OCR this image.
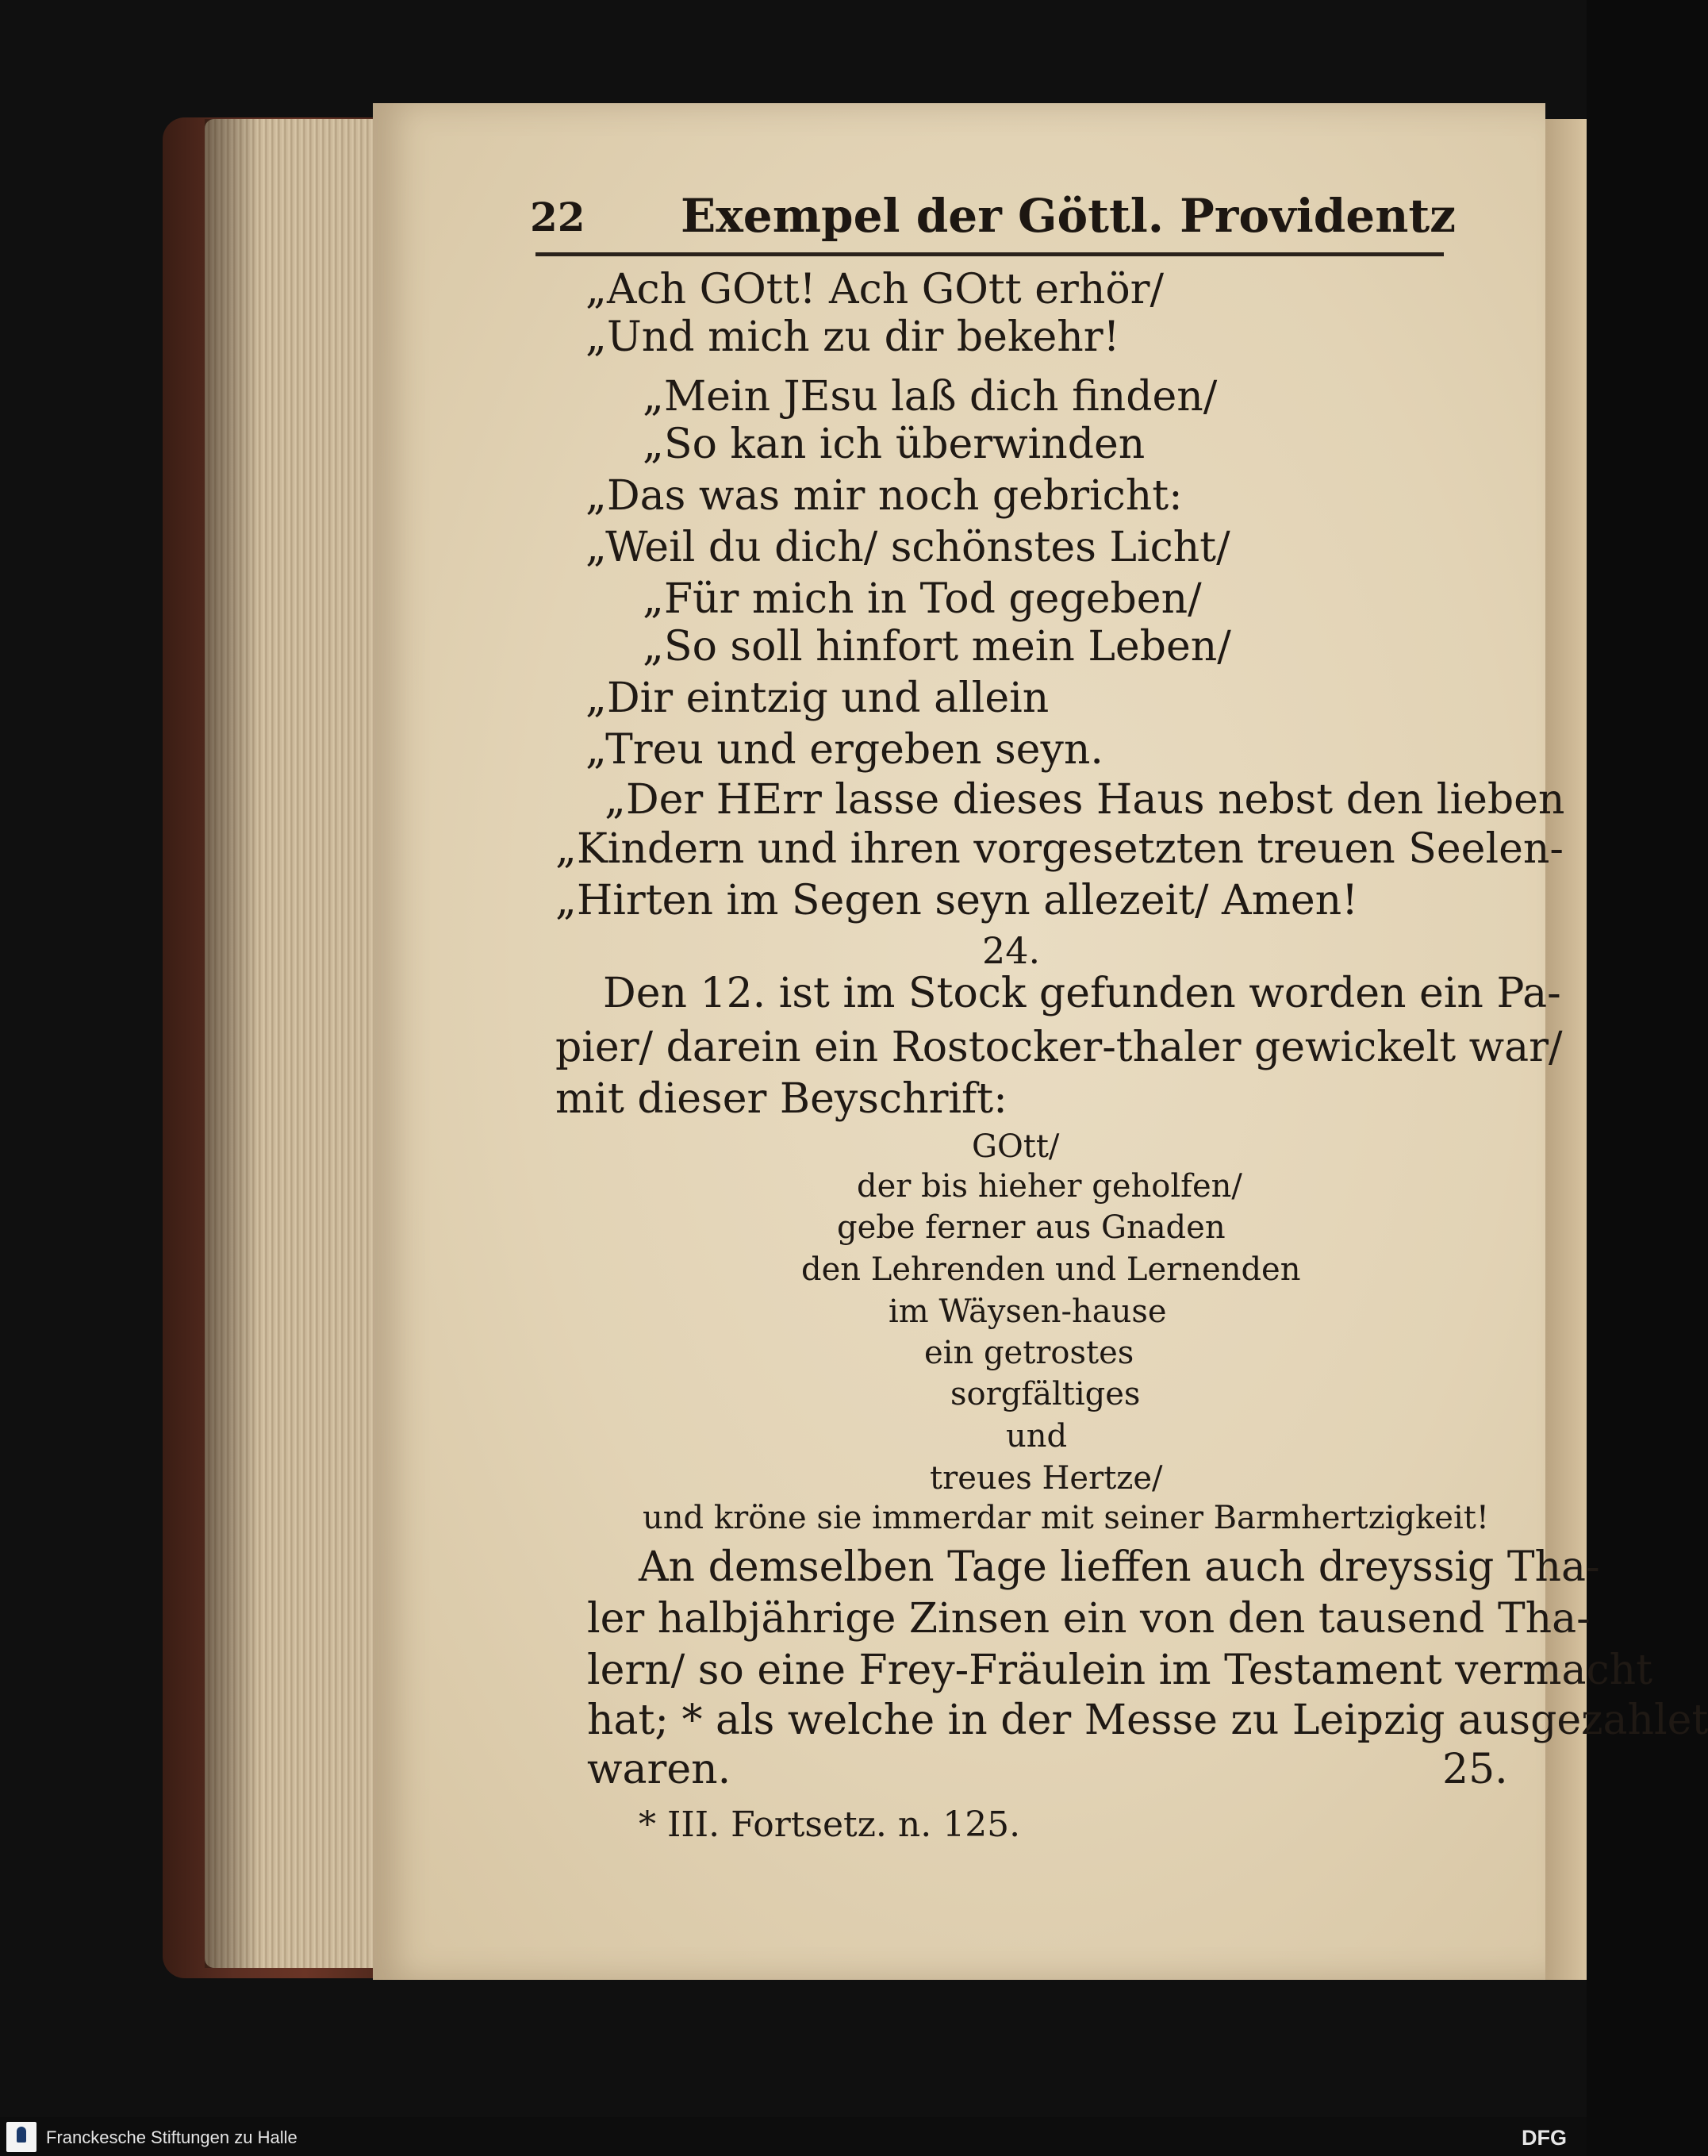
22 Exempel der Göttl. Providentz
„Ach GOtt! Ach GOtt erhör/
„Und mich zu dir bekehr!
„Mein JEsu laß dich finden/
„So kan ich überwinden
„Das was mir noch gebricht:
„Weil du dich/ schönstes Licht/
„Für mich in Tod gegeben/
„So soll hinfort mein Leben/
„Dir eintzig und allein
„Treu und ergeben seyn.
„Der HErr lasse dieses Haus nebst den lieben
„Kindern und ihren vorgesetzten treuen Seelen-
„Hirten im Segen seyn allezeit/ Amen!
24.
Den 12. ist im Stock gefunden worden ein Pa-
pier/ darein ein Rostocker-thaler gewickelt war/
mit dieser Beyschrift:
GOtt/
der bis hieher geholfen/
gebe ferner aus Gnaden
den Lehrenden und Lernenden
im Wäysen-hause
ein getrostes
sorgfältiges
und
treues Hertze/
und kröne sie immerdar mit seiner Barmhertzigkeit!
An demselben Tage lieffen auch dreyssig Tha-
ler halbjährige Zinsen ein von den tausend Tha-
lern/ so eine Frey-Fräulein im Testament vermacht
hat; * als welche in der Messe zu Leipzig ausgezahlet
waren.	25.
* III. Fortsetz. n. 125.
Franckesche Stiftungen zu Halle	DFG
